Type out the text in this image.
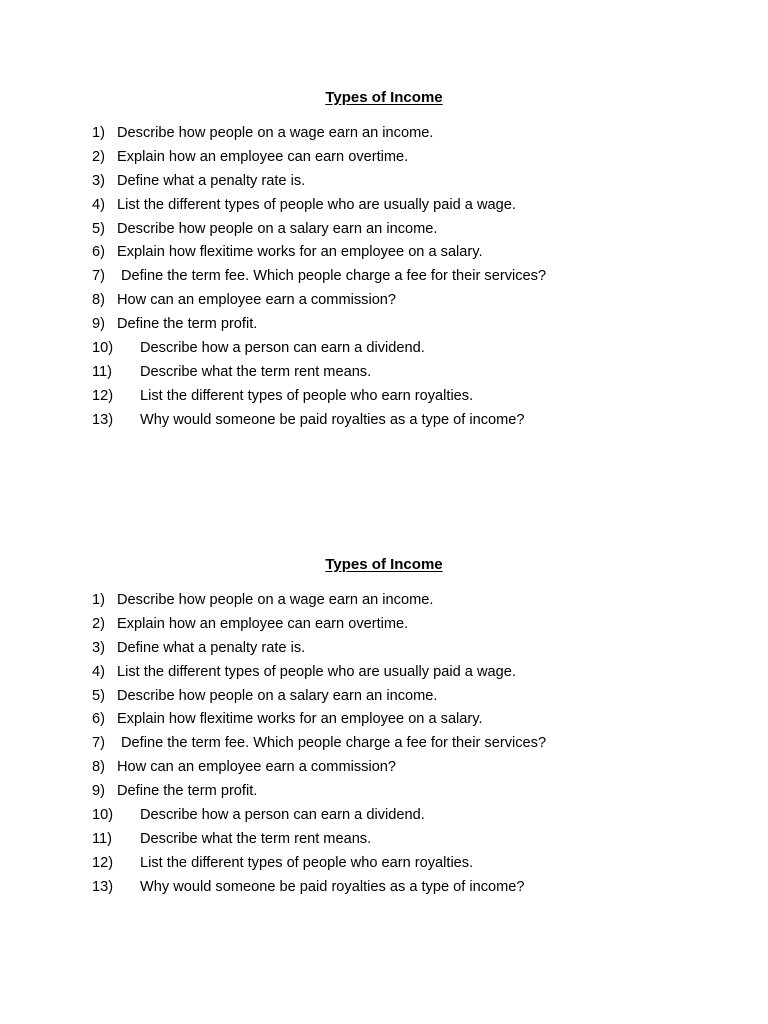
Types of Income
1) Describe how people on a wage earn an income.
2) Explain how an employee can earn overtime.
3) Define what a penalty rate is.
4) List the different types of people who are usually paid a wage.
5) Describe how people on a salary earn an income.
6) Explain how flexitime works for an employee on a salary.
7) Define the term fee. Which people charge a fee for their services?
8) How can an employee earn a commission?
9) Define the term profit.
10) Describe how a person can earn a dividend.
11) Describe what the term rent means.
12) List the different types of people who earn royalties.
13) Why would someone be paid royalties as a type of income?
Types of Income
1) Describe how people on a wage earn an income.
2) Explain how an employee can earn overtime.
3) Define what a penalty rate is.
4) List the different types of people who are usually paid a wage.
5) Describe how people on a salary earn an income.
6) Explain how flexitime works for an employee on a salary.
7) Define the term fee. Which people charge a fee for their services?
8) How can an employee earn a commission?
9) Define the term profit.
10) Describe how a person can earn a dividend.
11) Describe what the term rent means.
12) List the different types of people who earn royalties.
13) Why would someone be paid royalties as a type of income?
